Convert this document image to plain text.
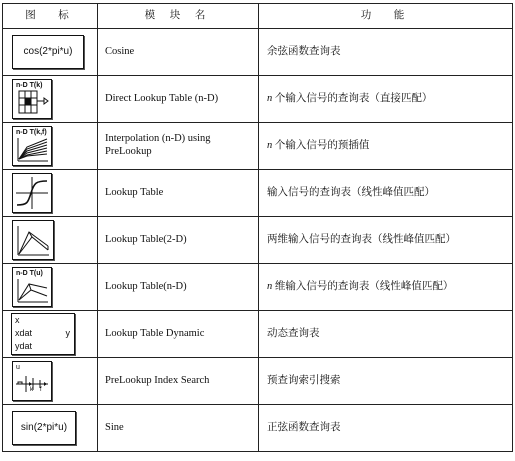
图　标	模 块 名	功　能

cos(2*pi*u)	Cosine	余弦函数查询表

n-D T(k)	Direct Lookup Table (n-D)	n 个输入信号的查询表（直接匹配）

n-D T(k,f)	Interpolation (n-D) using PreLookup	n 个输入信号的预插值

	Lookup Table	输入信号的查询表（线性峰值匹配）

	Lookup Table(2-D)	两维输入信号的查询表（线性峰值匹配）

n-D T(u)	Lookup Table(n-D)	n 维输入信号的查询表（线性峰值匹配）

x
xdat y
ydat	Lookup Table Dynamic	动态查询表

u
k f	PreLookup Index Search	预查询索引搜索

sin(2*pi*u)	Sine	正弦函数查询表
